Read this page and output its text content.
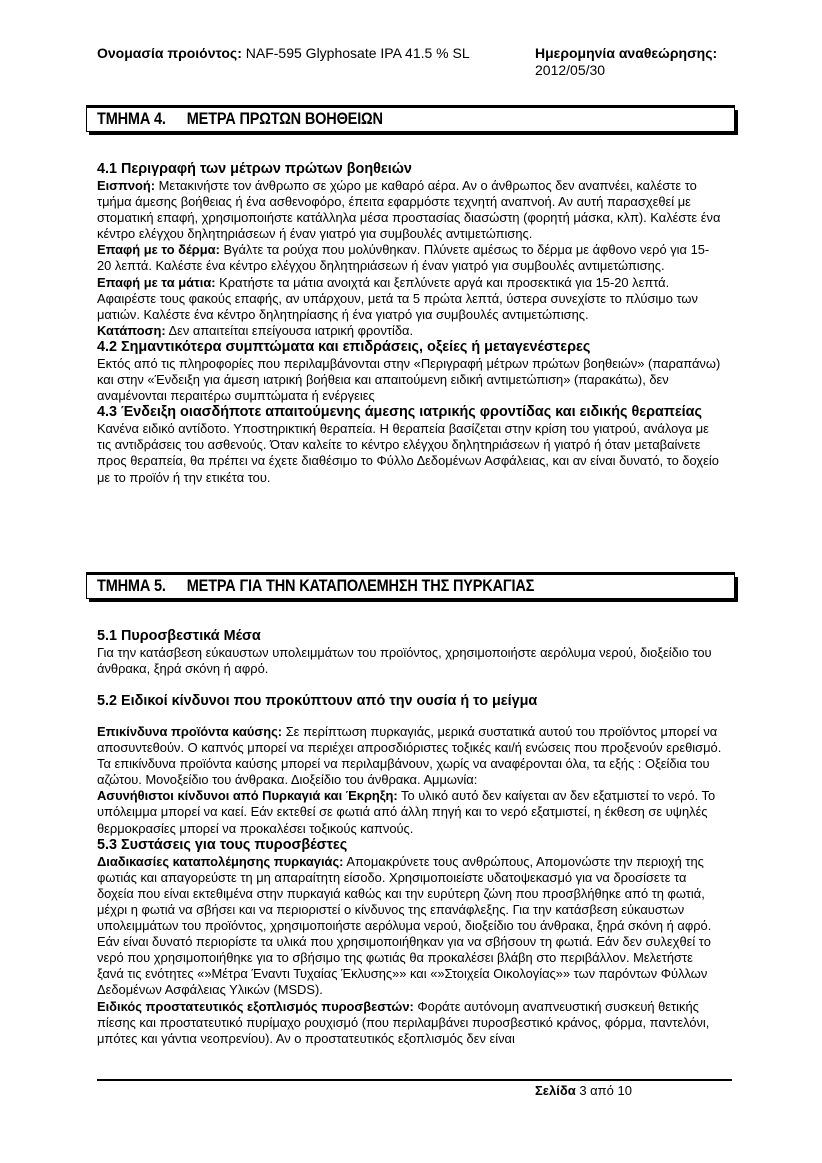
Ονομασία προιόντος: NAF-595 Glyphosate IPA 41.5 % SL	Ημερομηνία αναθεώρησης:
2012/05/30
ΤΜΗΜΑ 4. ΜΕΤΡΑ ΠΡΩΤΩΝ ΒΟΗΘΕΙΩΝ
4.1 Περιγραφή των μέτρων πρώτων βοηθειών
Εισπνοή: Μετακινήστε τον άνθρωπο σε χώρο με καθαρό αέρα. Αν ο άνθρωπος δεν αναπνέει, καλέστε το τμήμα άμεσης βοήθειας ή ένα ασθενοφόρο, έπειτα εφαρμόστε τεχνητή αναπνοή. Αν αυτή παρασχεθεί με στοματική επαφή, χρησιμοποιήστε κατάλληλα μέσα προστασίας διασώστη (φορητή μάσκα, κλπ). Καλέστε ένα κέντρο ελέγχου δηλητηριάσεων ή έναν γιατρό για συμβουλές αντιμετώπισης.
Επαφή με το δέρμα: Βγάλτε τα ρούχα που μολύνθηκαν. Πλύνετε αμέσως το δέρμα με άφθονο νερό για 15-20 λεπτά. Καλέστε ένα κέντρο ελέγχου δηλητηριάσεων ή έναν γιατρό για συμβουλές αντιμετώπισης.
Επαφή με τα μάτια: Κρατήστε τα μάτια ανοιχτά και ξεπλύνετε αργά και προσεκτικά για 15-20 λεπτά. Αφαιρέστε τους φακούς επαφής, αν υπάρχουν, μετά τα 5 πρώτα λεπτά, ύστερα συνεχίστε το πλύσιμο των ματιών. Καλέστε ένα κέντρο δηλητηρίασης ή ένα γιατρό για συμβουλές αντιμετώπισης.
Κατάποση: Δεν απαιτείται επείγουσα ιατρική φροντίδα.
4.2 Σημαντικότερα συμπτώματα και επιδράσεις, οξείες ή μεταγενέστερες
Εκτός από τις πληροφορίες που περιλαμβάνονται στην «Περιγραφή μέτρων πρώτων βοηθειών» (παραπάνω) και στην «Ένδειξη για άμεση ιατρική βοήθεια και απαιτούμενη ειδική αντιμετώπιση» (παρακάτω), δεν αναμένονται περαιτέρω συμπτώματα ή ενέργειες
4.3 Ένδειξη οιασδήποτε απαιτούμενης άμεσης ιατρικής φροντίδας και ειδικής θεραπείας
Κανένα ειδικό αντίδοτο. Υποστηρικτική θεραπεία. Η θεραπεία βασίζεται στην κρίση του γιατρού, ανάλογα με τις αντιδράσεις του ασθενούς. Όταν καλείτε το κέντρο ελέγχου δηλητηριάσεων ή γιατρό ή όταν μεταβαίνετε προς θεραπεία, θα πρέπει να έχετε διαθέσιμο το Φύλλο Δεδομένων Ασφάλειας, και αν είναι δυνατό, το δοχείο με το προϊόν ή την ετικέτα του.
ΤΜΗΜΑ 5. ΜΕΤΡΑ ΓΙΑ ΤΗΝ ΚΑΤΑΠΟΛΕΜΗΣΗ ΤΗΣ ΠΥΡΚΑΓΙΑΣ
5.1 Πυροσβεστικά Μέσα
Για την κατάσβεση εύκαυστων υπολειμμάτων του προϊόντος, χρησιμοποιήστε αερόλυμα νερού, διοξείδιο του άνθρακα, ξηρά σκόνη ή αφρό.
5.2 Ειδικοί κίνδυνοι που προκύπτουν από την ουσία ή το μείγμα
Επικίνδυνα προϊόντα καύσης: Σε περίπτωση πυρκαγιάς, μερικά συστατικά αυτού του προϊόντος μπορεί να αποσυντεθούν. Ο καπνός μπορεί να περιέχει απροσδιόριστες τοξικές και/ή ενώσεις που προξενούν ερεθισμό. Τα επικίνδυνα προϊόντα καύσης μπορεί να περιλαμβάνουν, χωρίς να αναφέρονται όλα, τα εξής : Οξείδια του αζώτου. Μονοξείδιο του άνθρακα. Διοξείδιο του άνθρακα. Αμμωνία:
Ασυνήθιστοι κίνδυνοι από Πυρκαγιά και Έκρηξη: Το υλικό αυτό δεν καίγεται αν δεν εξατμιστεί το νερό. Το υπόλειμμα μπορεί να καεί. Εάν εκτεθεί σε φωτιά από άλλη πηγή και το νερό εξατμιστεί, η έκθεση σε υψηλές θερμοκρασίες μπορεί να προκαλέσει τοξικούς καπνούς.
5.3 Συστάσεις για τους πυροσβέστες
Διαδικασίες καταπολέμησης πυρκαγιάς: Απομακρύνετε τους ανθρώπους, Απομονώστε την περιοχή της φωτιάς και απαγορεύστε τη μη απαραίτητη είσοδο. Χρησιμοποιείστε υδατοψεκασμό για να δροσίσετε τα δοχεία που είναι εκτεθιμένα στην πυρκαγιά καθώς και την ευρύτερη ζώνη που προσβλήθηκε από τη φωτιά, μέχρι η φωτιά να σβήσει και να περιοριστεί ο κίνδυνος της επανάφλεξης. Για την κατάσβεση εύκαυστων υπολειμμάτων του προϊόντος, χρησιμοποιήστε αερόλυμα νερού, διοξείδιο του άνθρακα, ξηρά σκόνη ή αφρό. Εάν είναι δυνατό περιορίστε τα υλικά που χρησιμοποιήθηκαν για να σβήσουν τη φωτιά. Εάν δεν συλεχθεί το νερό που χρησιμοποιήθηκε για το σβήσιμο της φωτιάς θα προκαλέσει βλάβη στο περιβάλλον. Μελετήστε ξανά τις ενότητες «»Μέτρα Έναντι Τυχαίας Έκλυσης»» και «»Στοιχεία Οικολογίας»» των παρόντων Φύλλων Δεδομένων Ασφάλειας Υλικών (MSDS).
Ειδικός προστατευτικός εξοπλισμός πυροσβεστών: Φοράτε αυτόνομη αναπνευστική συσκευή θετικής πίεσης και προστατευτικό πυρίμαχο ρουχισμό (που περιλαμβάνει πυροσβεστικό κράνος, φόρμα, παντελόνι, μπότες και γάντια νεοπρενίου). Αν ο προστατευτικός εξοπλισμός δεν είναι
Σελίδα 3 από 10
